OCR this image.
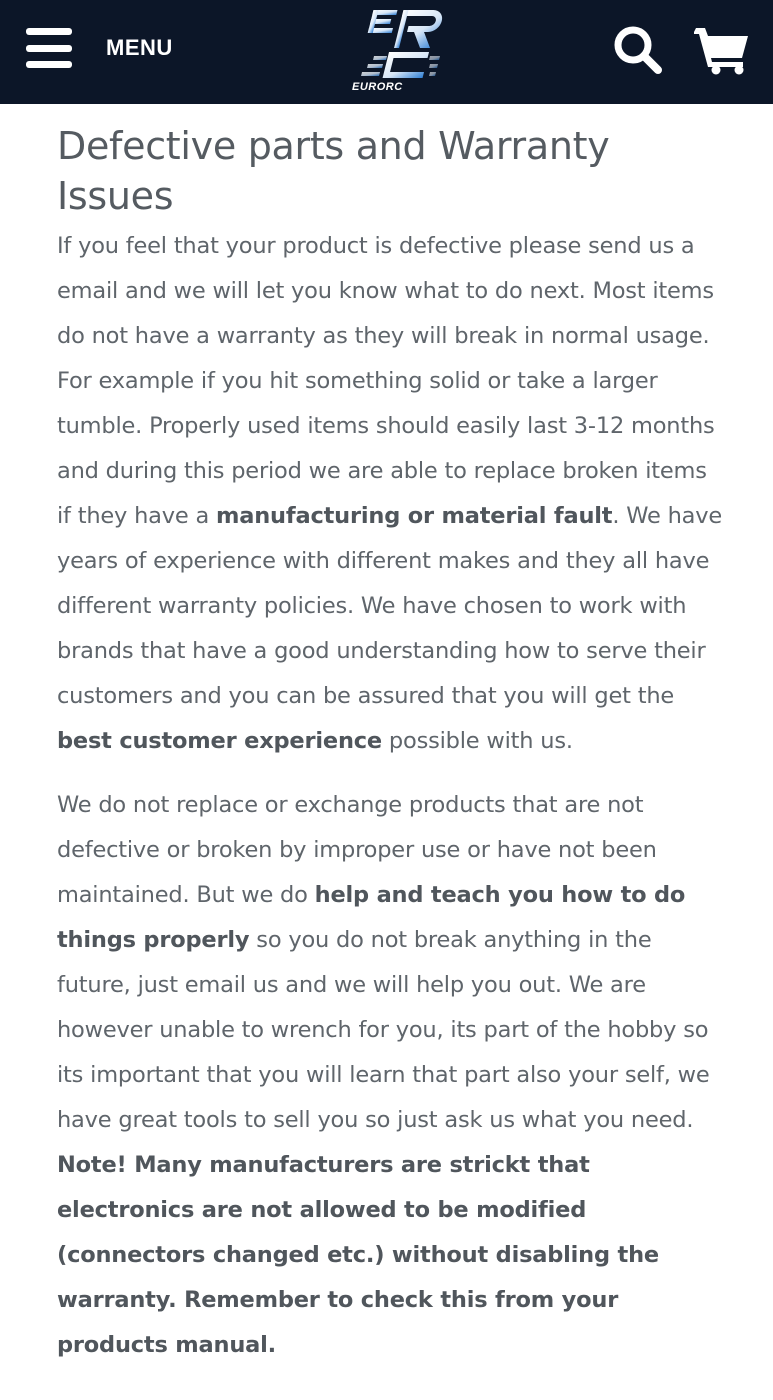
MENU
EURORC
Defective parts and Warranty Issues

If you feel that your product is defective please send us a email and we will let you know what to do next. Most items do not have a warranty as they will break in normal usage. For example if you hit something solid or take a larger tumble. Properly used items should easily last 3-12 months and during this period we are able to replace broken items if they have a manufacturing or material fault. We have years of experience with different makes and they all have different warranty policies. We have chosen to work with brands that have a good understanding how to serve their customers and you can be assured that you will get the best customer experience possible with us.

We do not replace or exchange products that are not defective or broken by improper use or have not been maintained. But we do help and teach you how to do things properly so you do not break anything in the future, just email us and we will help you out. We are however unable to wrench for you, its part of the hobby so its important that you will learn that part also your self, we have great tools to sell you so just ask us what you need.

Note! Many manufacturers are strickt that electronics are not allowed to be modified (connectors changed etc.) without disabling the warranty. Remember to check this from your products manual.
